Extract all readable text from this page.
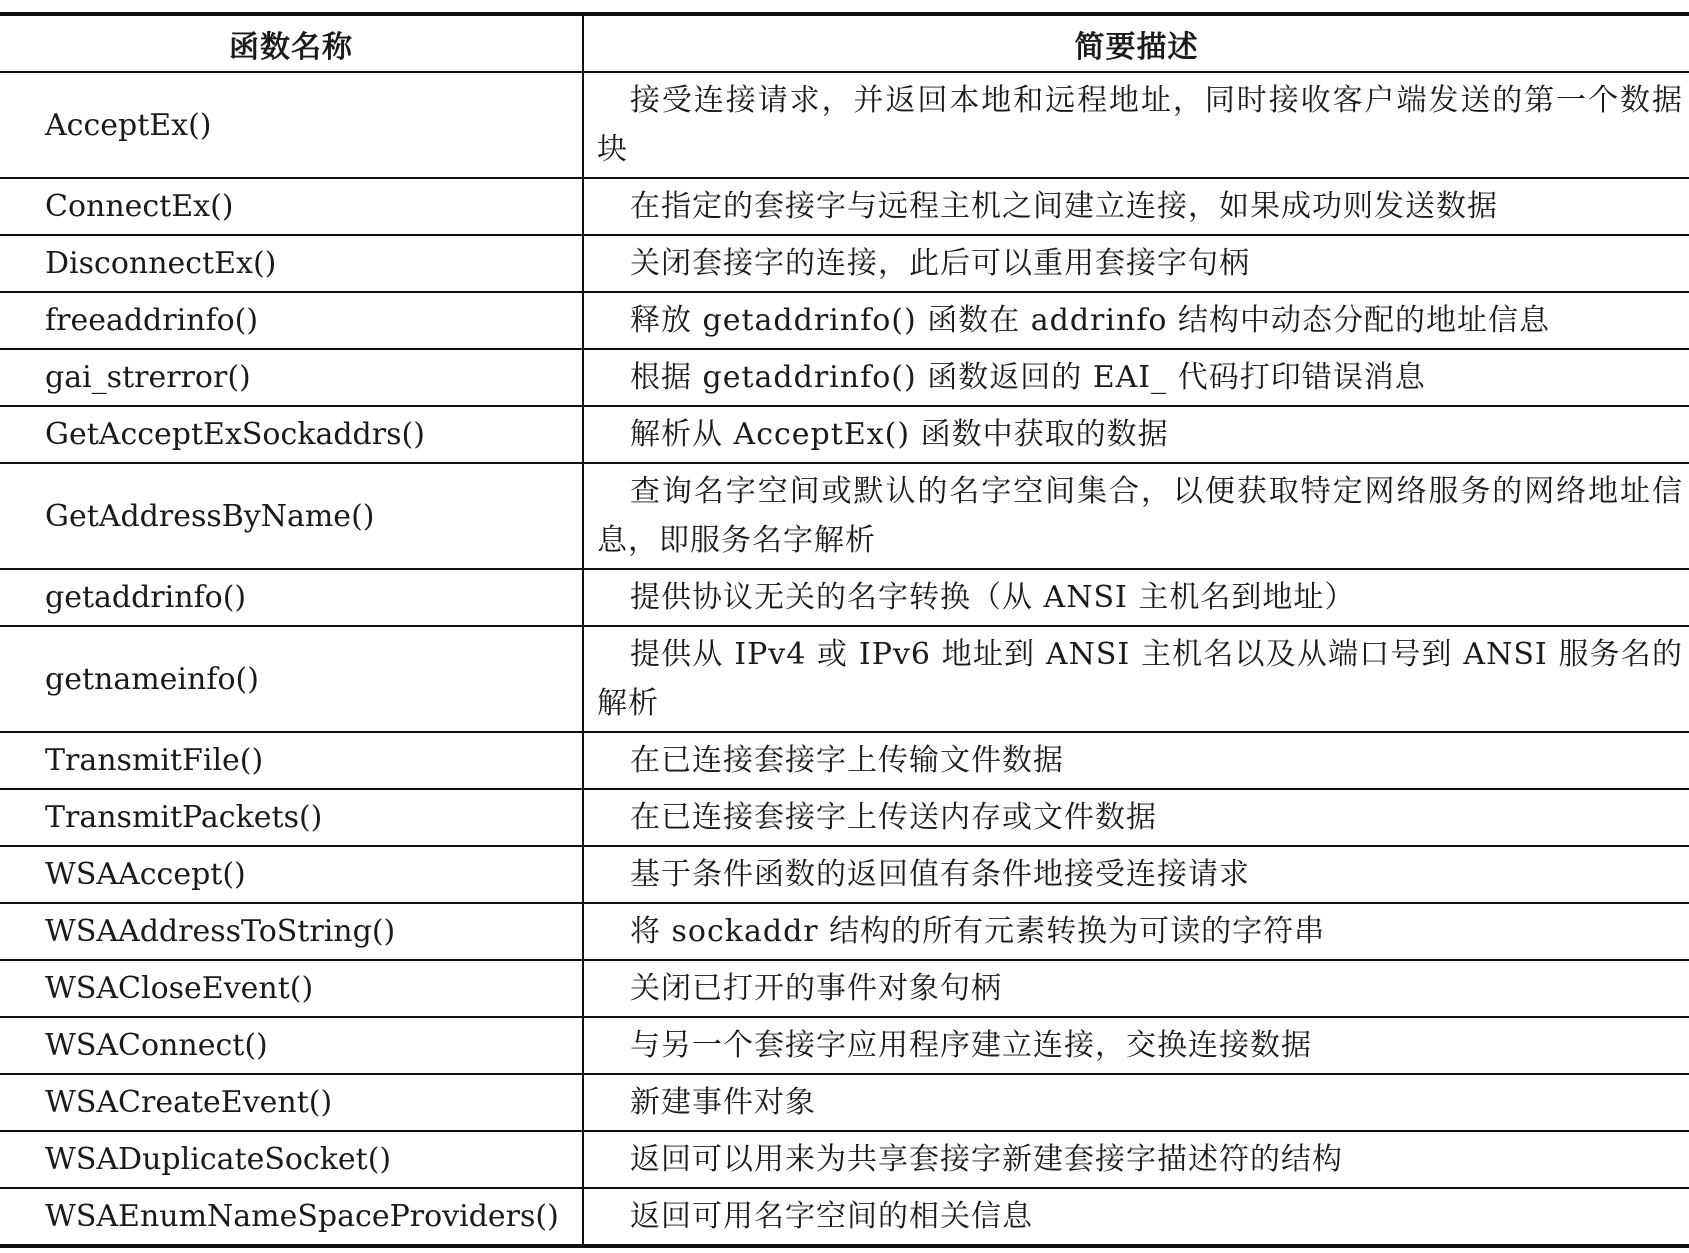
函数名称	简要描述
AcceptEx()	接受连接请求，并返回本地和远程地址，同时接收客户端发送的第一个数据块
ConnectEx()	在指定的套接字与远程主机之间建立连接，如果成功则发送数据
DisconnectEx()	关闭套接字的连接，此后可以重用套接字句柄
freeaddrinfo()	释放 getaddrinfo() 函数在 addrinfo 结构中动态分配的地址信息
gai_strerror()	根据 getaddrinfo() 函数返回的 EAI_ 代码打印错误消息
GetAcceptExSockaddrs()	解析从 AcceptEx() 函数中获取的数据
GetAddressByName()	查询名字空间或默认的名字空间集合，以便获取特定网络服务的网络地址信息，即服务名字解析
getaddrinfo()	提供协议无关的名字转换（从 ANSI 主机名到地址）
getnameinfo()	提供从 IPv4 或 IPv6 地址到 ANSI 主机名以及从端口号到 ANSI 服务名的解析
TransmitFile()	在已连接套接字上传输文件数据
TransmitPackets()	在已连接套接字上传送内存或文件数据
WSAAccept()	基于条件函数的返回值有条件地接受连接请求
WSAAddressToString()	将 sockaddr 结构的所有元素转换为可读的字符串
WSACloseEvent()	关闭已打开的事件对象句柄
WSAConnect()	与另一个套接字应用程序建立连接，交换连接数据
WSACreateEvent()	新建事件对象
WSADuplicateSocket()	返回可以用来为共享套接字新建套接字描述符的结构
WSAEnumNameSpaceProviders()	返回可用名字空间的相关信息
